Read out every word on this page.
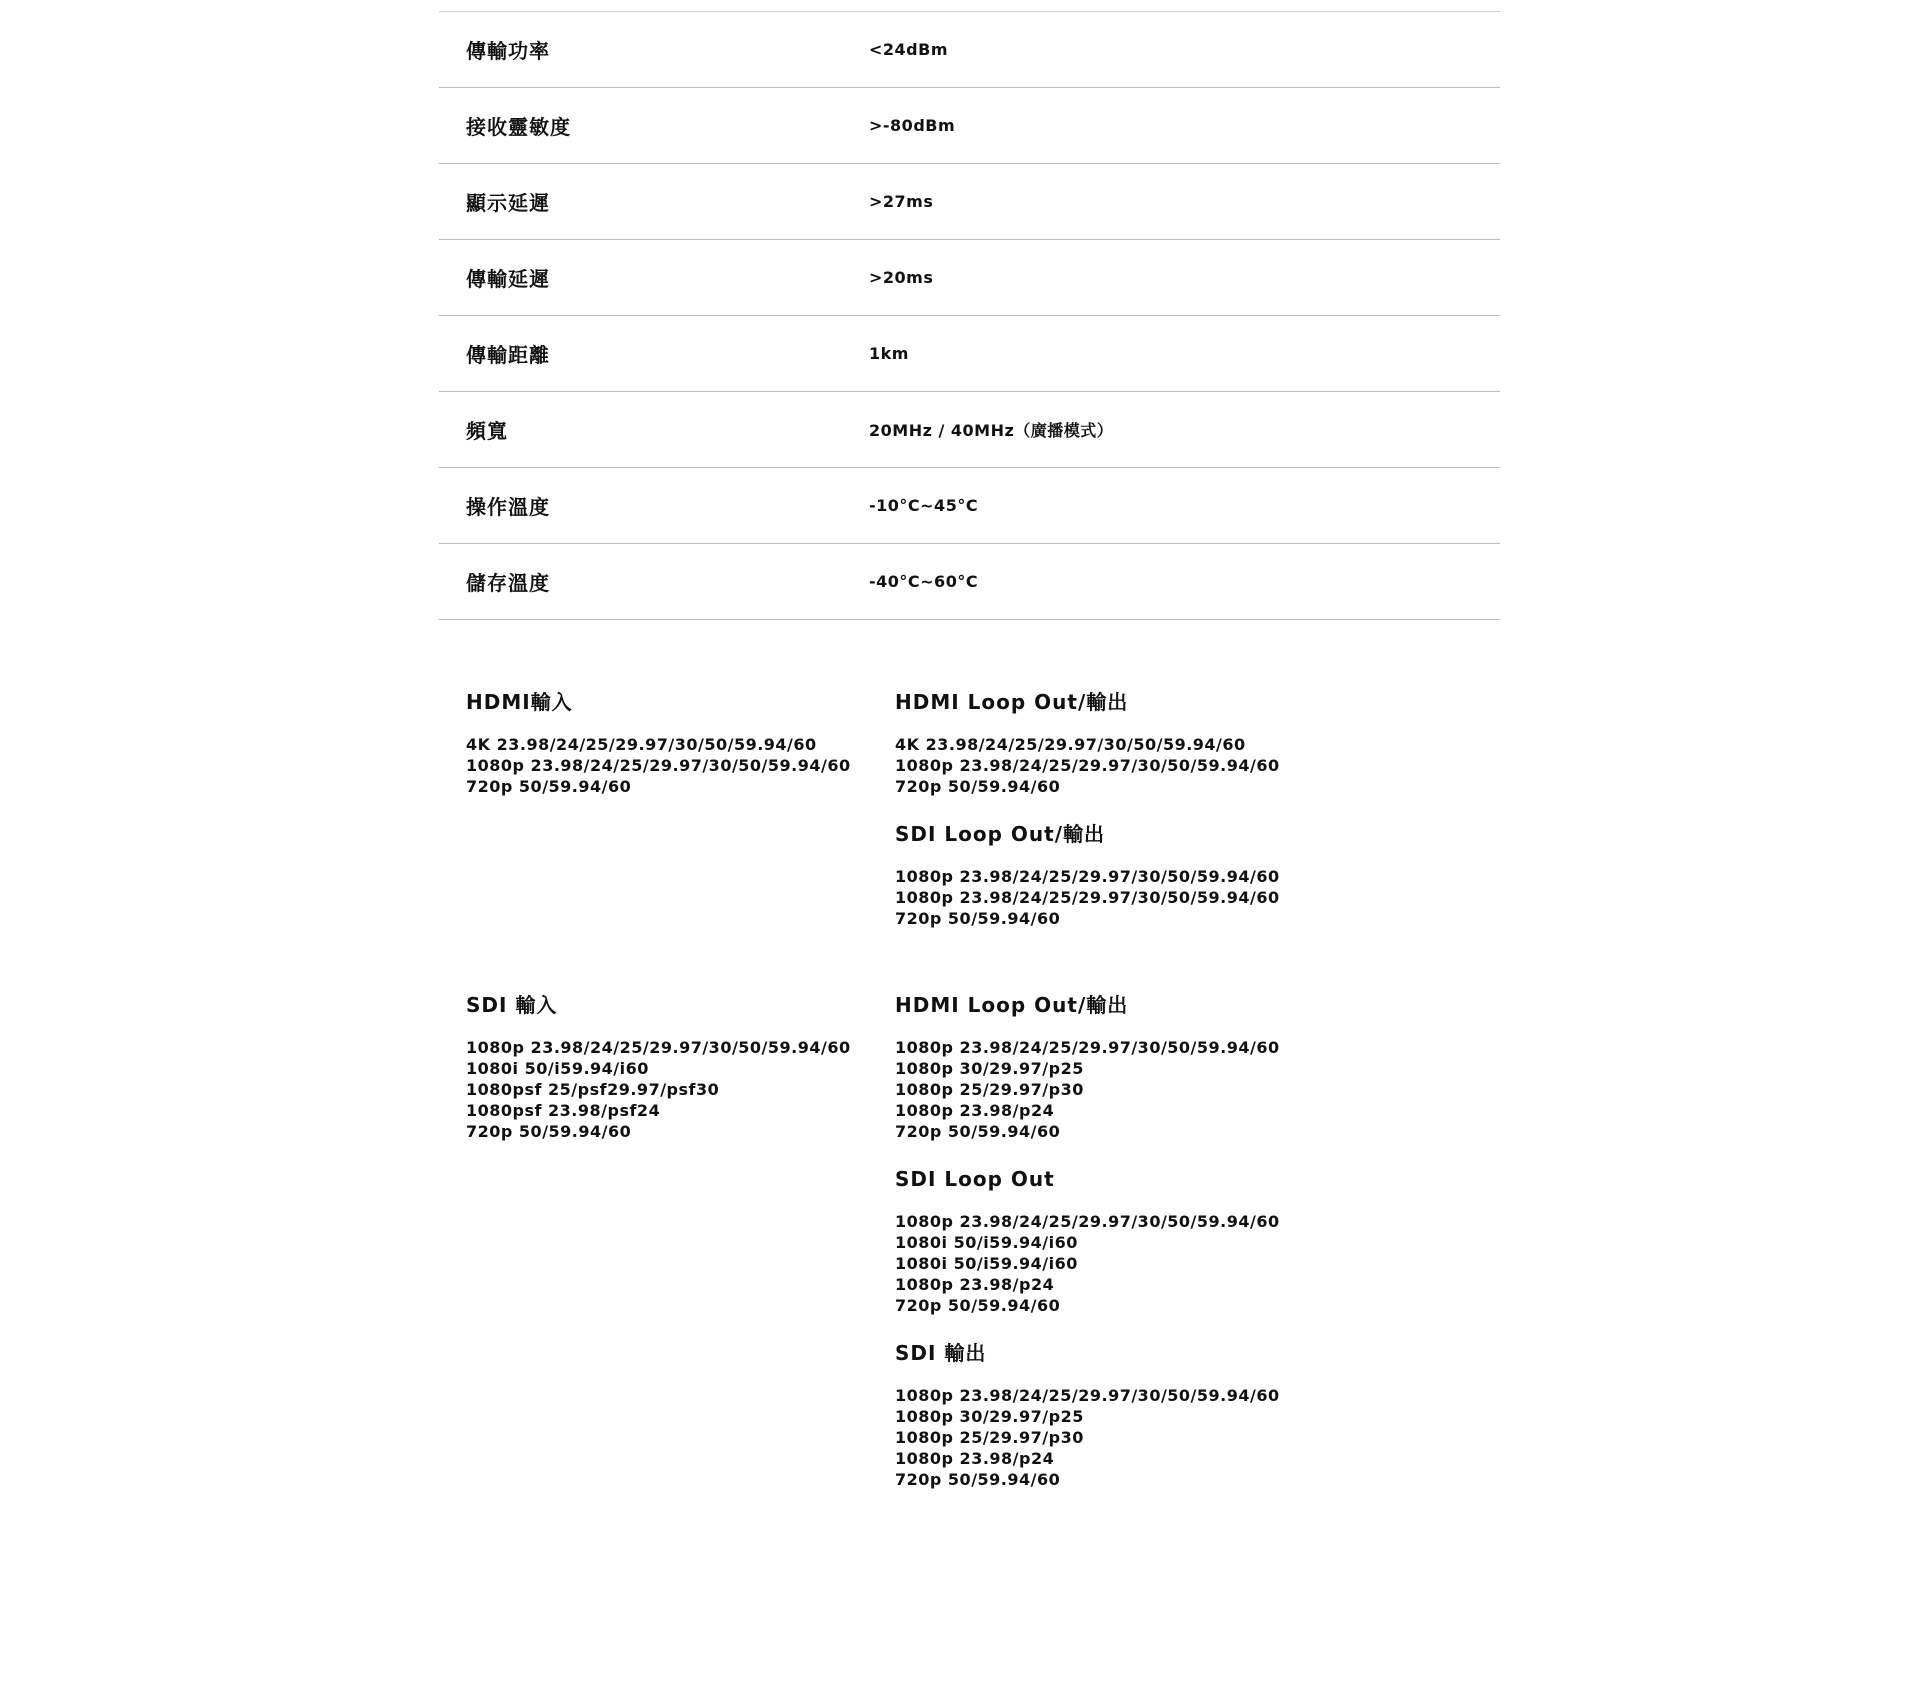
傳輸功率	<24dBm
接收靈敏度	>-80dBm
顯示延遲	>27ms
傳輸延遲	>20ms
傳輸距離	1km
頻寬	20MHz / 40MHz（廣播模式）
操作溫度	-10°C~45°C
儲存溫度	-40°C~60°C
HDMI輸入
4K 23.98/24/25/29.97/30/50/59.94/60
1080p 23.98/24/25/29.97/30/50/59.94/60
720p 50/59.94/60
HDMI Loop Out/輸出
4K 23.98/24/25/29.97/30/50/59.94/60
1080p 23.98/24/25/29.97/30/50/59.94/60
720p 50/59.94/60
SDI Loop Out/輸出
1080p 23.98/24/25/29.97/30/50/59.94/60
1080p 23.98/24/25/29.97/30/50/59.94/60
720p 50/59.94/60
SDI 輸入
1080p 23.98/24/25/29.97/30/50/59.94/60
1080i 50/i59.94/i60
1080psf 25/psf29.97/psf30
1080psf 23.98/psf24
720p 50/59.94/60
HDMI Loop Out/輸出
1080p 23.98/24/25/29.97/30/50/59.94/60
1080p 30/29.97/p25
1080p 25/29.97/p30
1080p 23.98/p24
720p 50/59.94/60
SDI Loop Out
1080p 23.98/24/25/29.97/30/50/59.94/60
1080i 50/i59.94/i60
1080i 50/i59.94/i60
1080p 23.98/p24
720p 50/59.94/60
SDI 輸出
1080p 23.98/24/25/29.97/30/50/59.94/60
1080p 30/29.97/p25
1080p 25/29.97/p30
1080p 23.98/p24
720p 50/59.94/60
